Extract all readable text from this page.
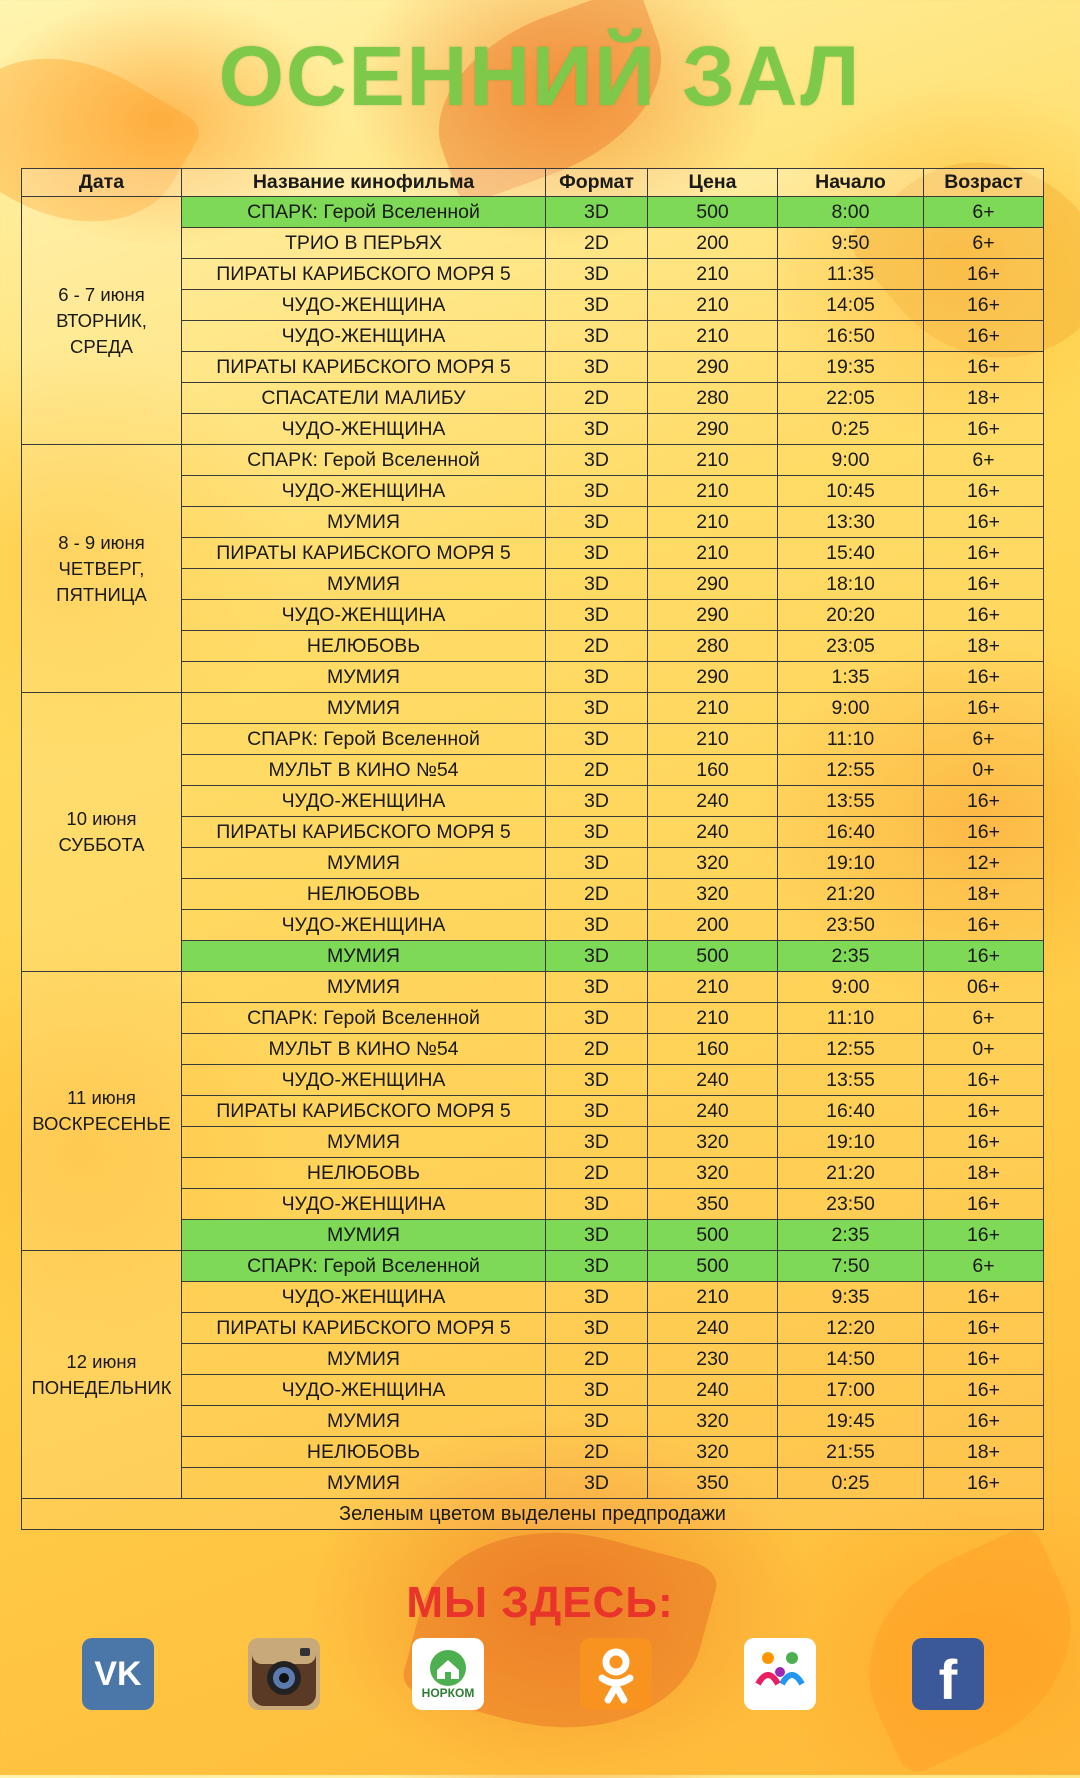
ОСЕННИЙ ЗАЛ
Дата	Название кинофильма	Формат	Цена	Начало	Возраст

6 - 7 июня
ВТОРНИК,
СРЕДА	СПАРК: Герой Вселенной	3D	500	8:00	6+
	ТРИО В ПЕРЬЯХ	2D	200	9:50	6+
	ПИРАТЫ КАРИБСКОГО МОРЯ 5	3D	210	11:35	16+
	ЧУДО-ЖЕНЩИНА	3D	210	14:05	16+
	ЧУДО-ЖЕНЩИНА	3D	210	16:50	16+
	ПИРАТЫ КАРИБСКОГО МОРЯ 5	3D	290	19:35	16+
	СПАСАТЕЛИ МАЛИБУ	2D	280	22:05	18+
	ЧУДО-ЖЕНЩИНА	3D	290	0:25	16+

8 - 9 июня
ЧЕТВЕРГ,
ПЯТНИЦА	СПАРК: Герой Вселенной	3D	210	9:00	6+
	ЧУДО-ЖЕНЩИНА	3D	210	10:45	16+
	МУМИЯ	3D	210	13:30	16+
	ПИРАТЫ КАРИБСКОГО МОРЯ 5	3D	210	15:40	16+
	МУМИЯ	3D	290	18:10	16+
	ЧУДО-ЖЕНЩИНА	3D	290	20:20	16+
	НЕЛЮБОВЬ	2D	280	23:05	18+
	МУМИЯ	3D	290	1:35	16+

10 июня
СУББОТА	МУМИЯ	3D	210	9:00	16+
	СПАРК: Герой Вселенной	3D	210	11:10	6+
	МУЛЬТ В КИНО №54	2D	160	12:55	0+
	ЧУДО-ЖЕНЩИНА	3D	240	13:55	16+
	ПИРАТЫ КАРИБСКОГО МОРЯ 5	3D	240	16:40	16+
	МУМИЯ	3D	320	19:10	12+
	НЕЛЮБОВЬ	2D	320	21:20	18+
	ЧУДО-ЖЕНЩИНА	3D	200	23:50	16+
	МУМИЯ	3D	500	2:35	16+

11 июня
ВОСКРЕСЕНЬЕ	МУМИЯ	3D	210	9:00	06+
	СПАРК: Герой Вселенной	3D	210	11:10	6+
	МУЛЬТ В КИНО №54	2D	160	12:55	0+
	ЧУДО-ЖЕНЩИНА	3D	240	13:55	16+
	ПИРАТЫ КАРИБСКОГО МОРЯ 5	3D	240	16:40	16+
	МУМИЯ	3D	320	19:10	16+
	НЕЛЮБОВЬ	2D	320	21:20	18+
	ЧУДО-ЖЕНЩИНА	3D	350	23:50	16+
	МУМИЯ	3D	500	2:35	16+

12 июня
ПОНЕДЕЛЬНИК	СПАРК: Герой Вселенной	3D	500	7:50	6+
	ЧУДО-ЖЕНЩИНА	3D	210	9:35	16+
	ПИРАТЫ КАРИБСКОГО МОРЯ 5	3D	240	12:20	16+
	МУМИЯ	2D	230	14:50	16+
	ЧУДО-ЖЕНЩИНА	3D	240	17:00	16+
	МУМИЯ	3D	320	19:45	16+
	НЕЛЮБОВЬ	2D	320	21:55	18+
	МУМИЯ	3D	350	0:25	16+
Зеленым цветом выделены предпродажи					
МЫ ЗДЕСЬ:
VK
НОРКОМ	f
